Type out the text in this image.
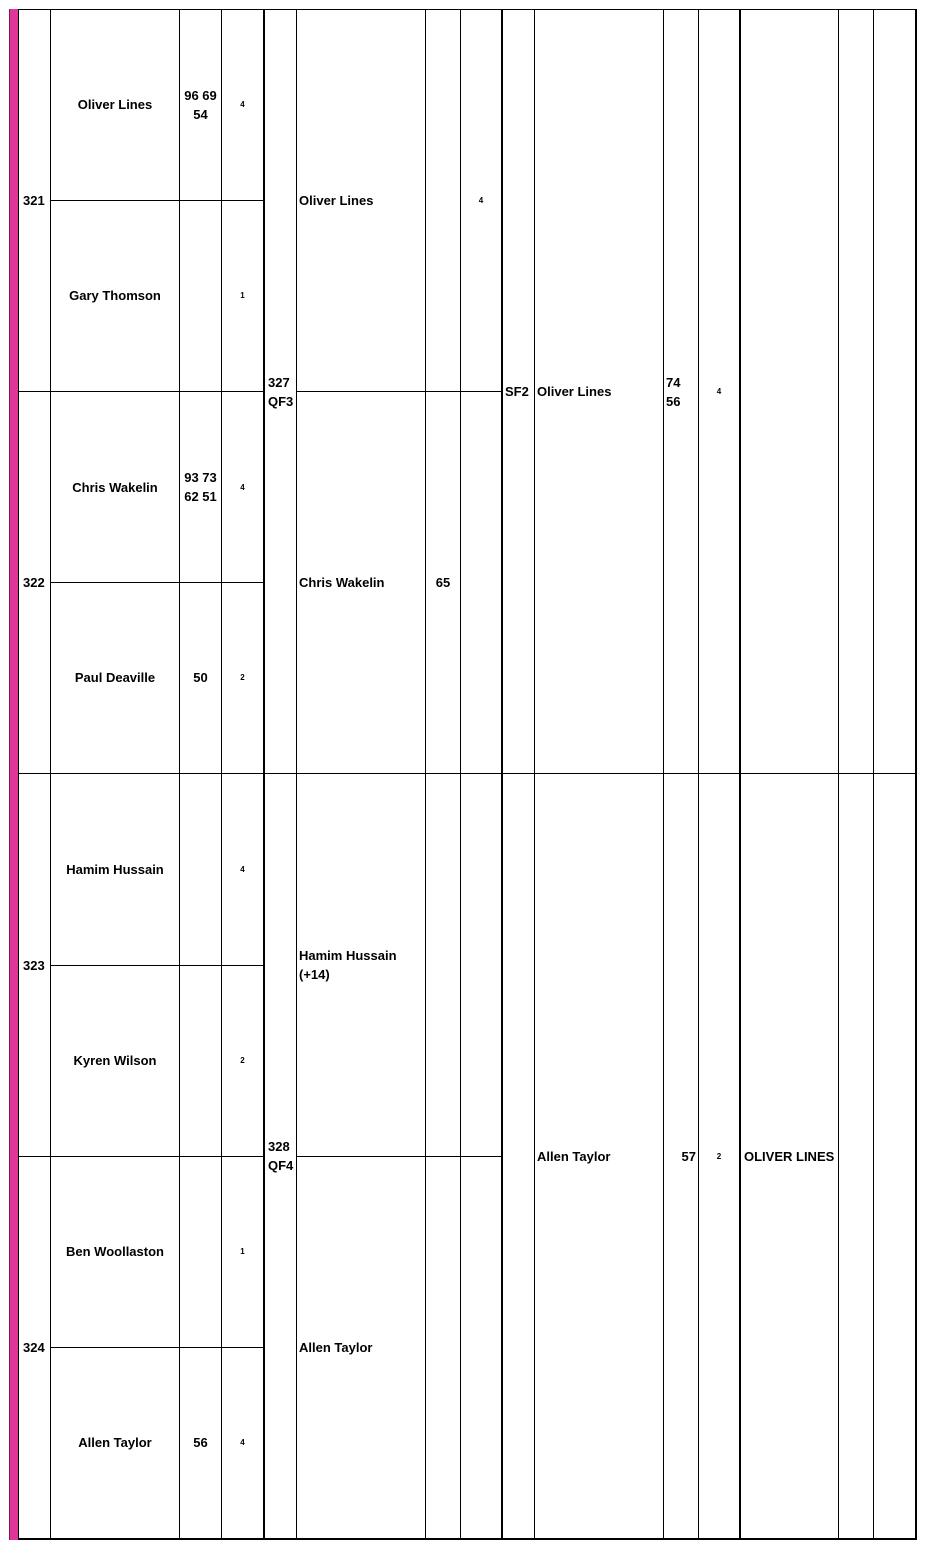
321
322
323
324
Oliver Lines
Gary Thomson
Chris Wakelin
Paul Deaville
Hamim Hussain
Kyren Wilson
Ben Woollaston
Allen Taylor
96 69
54
93 73
62 51
50
56
4
1
4
2
4
2
1
4
327
QF3
328
QF4
Oliver Lines
Chris Wakelin
Hamim Hussain
(+14)
Allen Taylor
65
4
SF2 Oliver Lines
Allen Taylor
74
56
57
4
2	OLIVER LINES
